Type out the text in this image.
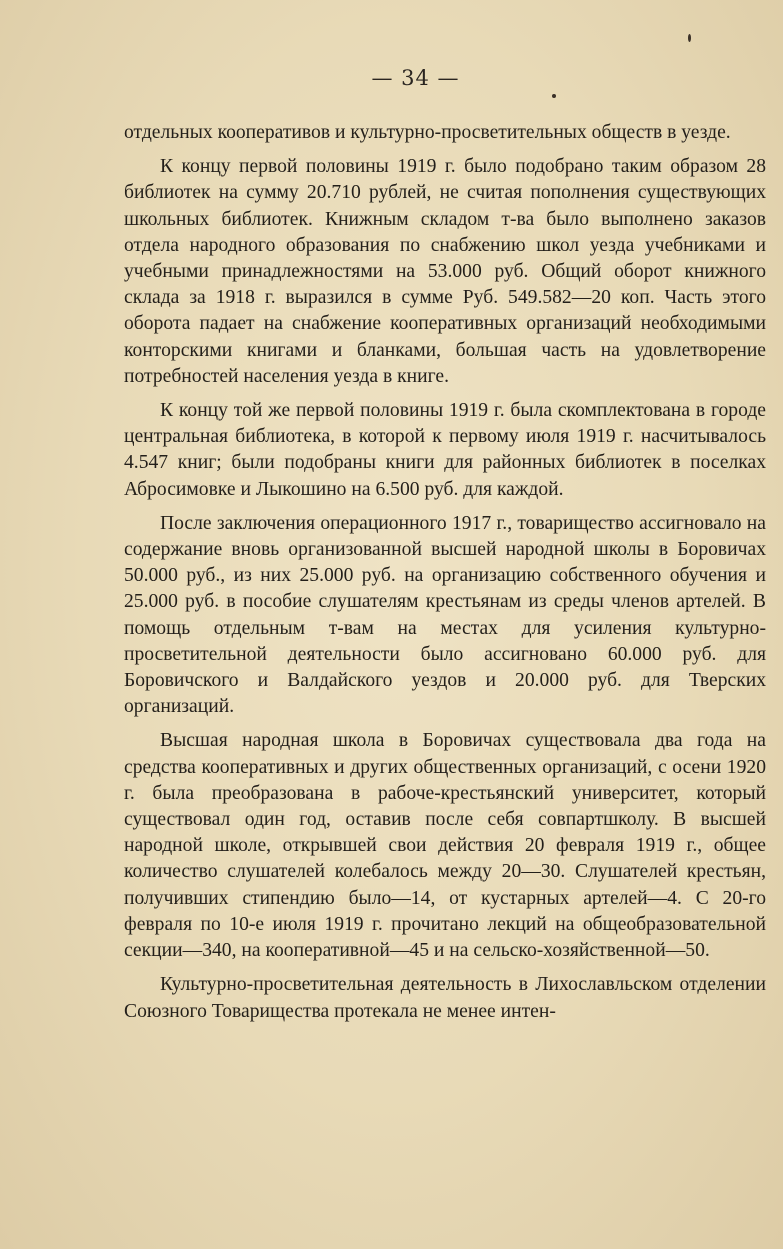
— 34 —

отдельных кооперативов и культурно-просветительных обществ в уезде.

К концу первой половины 1919 г. было подобрано таким образом 28 библиотек на сумму 20.710 рублей, не считая пополнения существующих школьных библиотек. Книжным складом т-ва было выполнено заказов отдела народного образования по снабжению школ уезда учебниками и учебными принадлежностями на 53.000 руб. Общий оборот книжного склада за 1918 г. выразился в сумме Руб. 549.582—20 коп. Часть этого оборота падает на снабжение кооперативных организаций необходимыми конторскими книгами и бланками, большая часть на удовлетворение потребностей населения уезда в книге.

К концу той же первой половины 1919 г. была скомплектована в городе центральная библиотека, в которой к первому июля 1919 г. насчитывалось 4.547 книг; были подобраны книги для районных библиотек в поселках Абросимовке и Лыкошино на 6.500 руб. для каждой.

После заключения операционного 1917 г., товарищество ассигновало на содержание вновь организованной высшей народной школы в Боровичах 50.000 руб., из них 25.000 руб. на организацию собственного обучения и 25.000 руб. в пособие слушателям крестьянам из среды членов артелей. В помощь отдельным т-вам на местах для усиления культурно-просветительной деятельности было ассигновано 60.000 руб. для Боровичского и Валдайского уездов и 20.000 руб. для Тверских организаций.

Высшая народная школа в Боровичах существовала два года на средства кооперативных и других общественных организаций, с осени 1920 г. была преобразована в рабоче-крестьянский университет, который существовал один год, оставив после себя совпартшколу. В высшей народной школе, открывшей свои действия 20 февраля 1919 г., общее количество слушателей колебалось между 20—30. Слушателей крестьян, получивших стипендию было—14, от кустарных артелей—4. С 20-го февраля по 10-е июля 1919 г. прочитано лекций на общеобразовательной секции—340, на кооперативной—45 и на сельско-хозяйственной—50.

Культурно-просветительная деятельность в Лихославльском отделении Союзного Товарищества протекала не менее интен-
